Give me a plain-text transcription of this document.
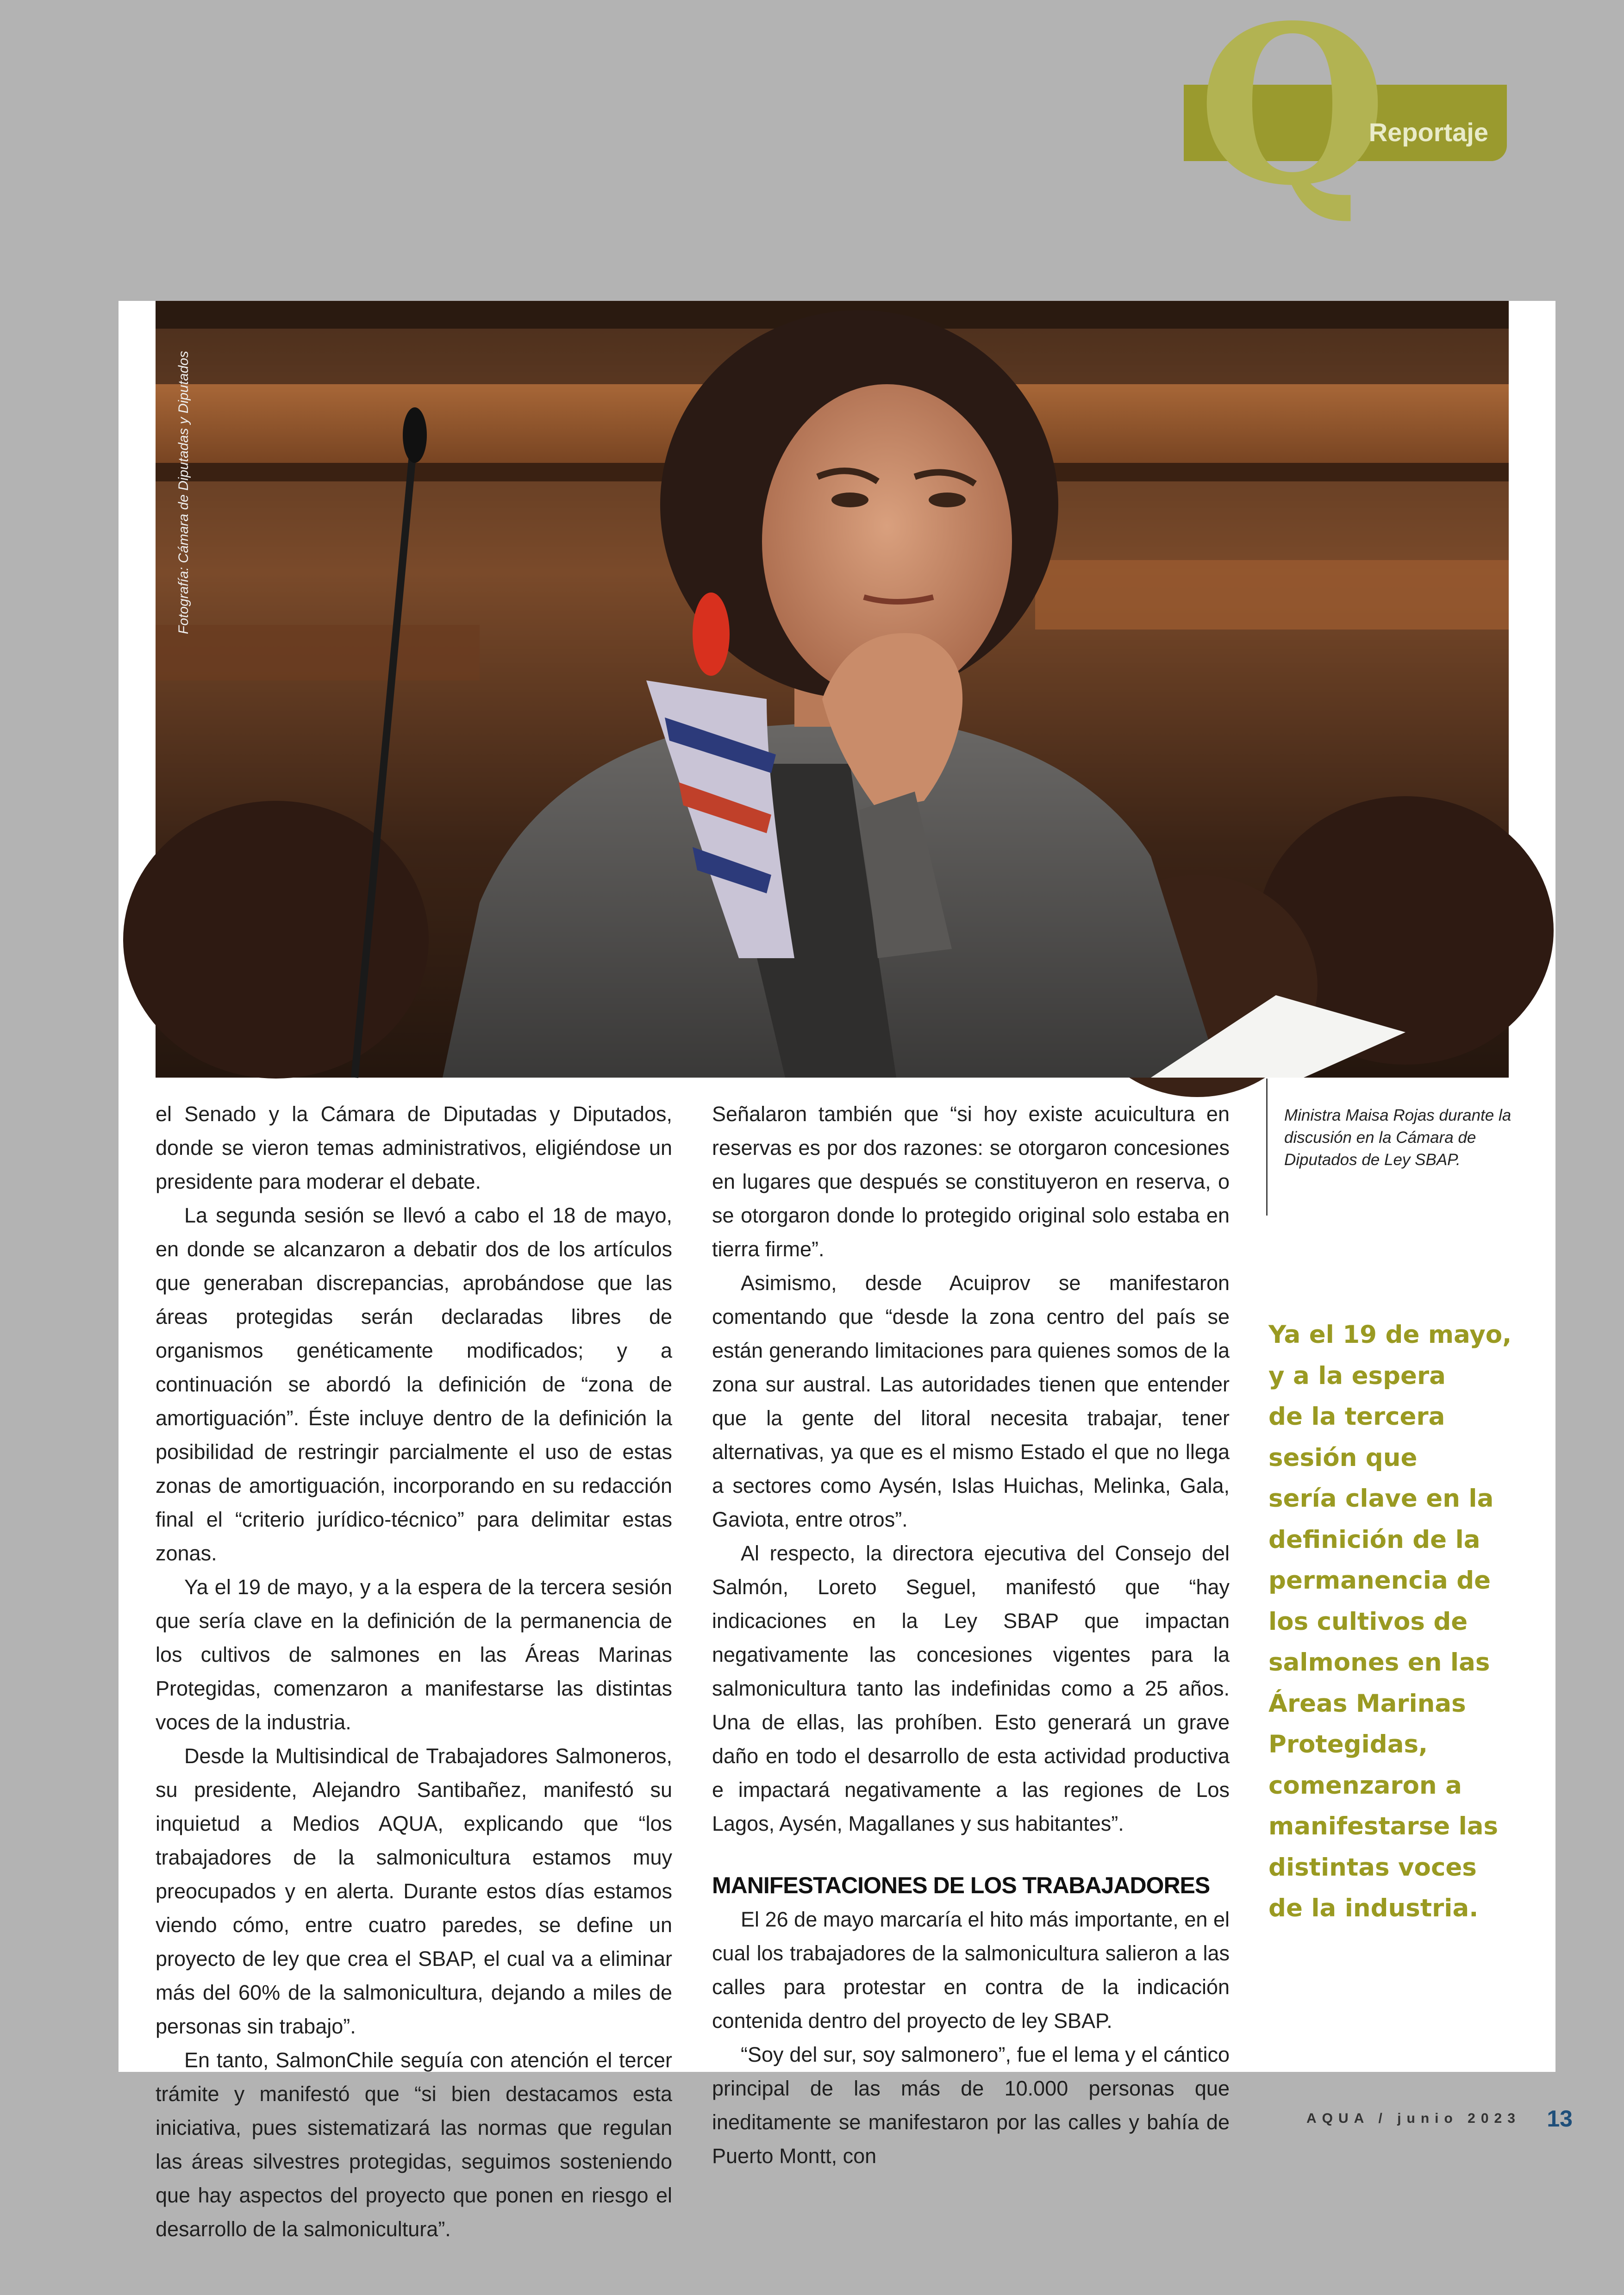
Q
Reportaje
Fotografía: Cámara de Diputadas y Diputados
Ministra Maisa Rojas durante la discusión en la Cámara de Diputados de Ley SBAP.

el Senado y la Cámara de Diputadas y Diputados, donde se vieron temas administrativos, eligiéndose un presidente para moderar el debate.

La segunda sesión se llevó a cabo el 18 de mayo, en donde se alcanzaron a debatir dos de los artículos que generaban discrepancias, aprobándose que las áreas protegidas serán declaradas libres de organismos genéticamente modificados; y a continuación se abordó la definición de “zona de amortiguación”. Éste incluye dentro de la definición la posibilidad de restringir parcialmente el uso de estas zonas de amortiguación, incorporando en su redacción final el “criterio jurídico-técnico” para delimitar estas zonas.

Ya el 19 de mayo, y a la espera de la tercera sesión que sería clave en la definición de la permanencia de los cultivos de salmones en las Áreas Marinas Protegidas, comenzaron a manifestarse las distintas voces de la industria.

Desde la Multisindical de Trabajadores Salmoneros, su presidente, Alejandro Santibañez, manifestó su inquietud a Medios AQUA, explicando que “los trabajadores de la salmonicultura estamos muy preocupados y en alerta. Durante estos días estamos viendo cómo, entre cuatro paredes, se define un proyecto de ley que crea el SBAP, el cual va a eliminar más del 60% de la salmonicultura, dejando a miles de personas sin trabajo”.

En tanto, SalmonChile seguía con atención el tercer trámite y manifestó que “si bien destacamos esta iniciativa, pues sistematizará las normas que regulan las áreas silvestres protegidas, seguimos sosteniendo que hay aspectos del proyecto que ponen en riesgo el desarrollo de la salmonicultura”.

Señalaron también que “si hoy existe acuicultura en reservas es por dos razones: se otorgaron concesiones en lugares que después se constituyeron en reserva, o se otorgaron donde lo protegido original solo estaba en tierra firme”.

Asimismo, desde Acuiprov se manifestaron comentando que “desde la zona centro del país se están generando limitaciones para quienes somos de la zona sur austral. Las autoridades tienen que entender que la gente del litoral necesita trabajar, tener alternativas, ya que es el mismo Estado el que no llega a sectores como Aysén, Islas Huichas, Melinka, Gala, Gaviota, entre otros”.

Al respecto, la directora ejecutiva del Consejo del Salmón, Loreto Seguel, manifestó que “hay indicaciones en la Ley SBAP que impactan negativamente las concesiones vigentes para la salmonicultura tanto las indefinidas como a 25 años. Una de ellas, las prohíben. Esto generará un grave daño en todo el desarrollo de esta actividad productiva e impactará negativamente a las regiones de Los Lagos, Aysén, Magallanes y sus habitantes”.

MANIFESTACIONES DE LOS TRABAJADORES

El 26 de mayo marcaría el hito más importante, en el cual los trabajadores de la salmonicultura salieron a las calles para protestar en contra de la indicación contenida dentro del proyecto de ley SBAP.

“Soy del sur, soy salmonero”, fue el lema y el cántico principal de las más de 10.000 personas que ineditamente se manifestaron por las calles y bahía de Puerto Montt, con

Ya el 19 de mayo,
y a la espera
de la tercera
sesión que
sería clave en la
definición de la
permanencia de
los cultivos de
salmones en las
Áreas Marinas
Protegidas,
comenzaron a
manifestarse las
distintas voces
de la industria.
AQUA / junio 2023 13
